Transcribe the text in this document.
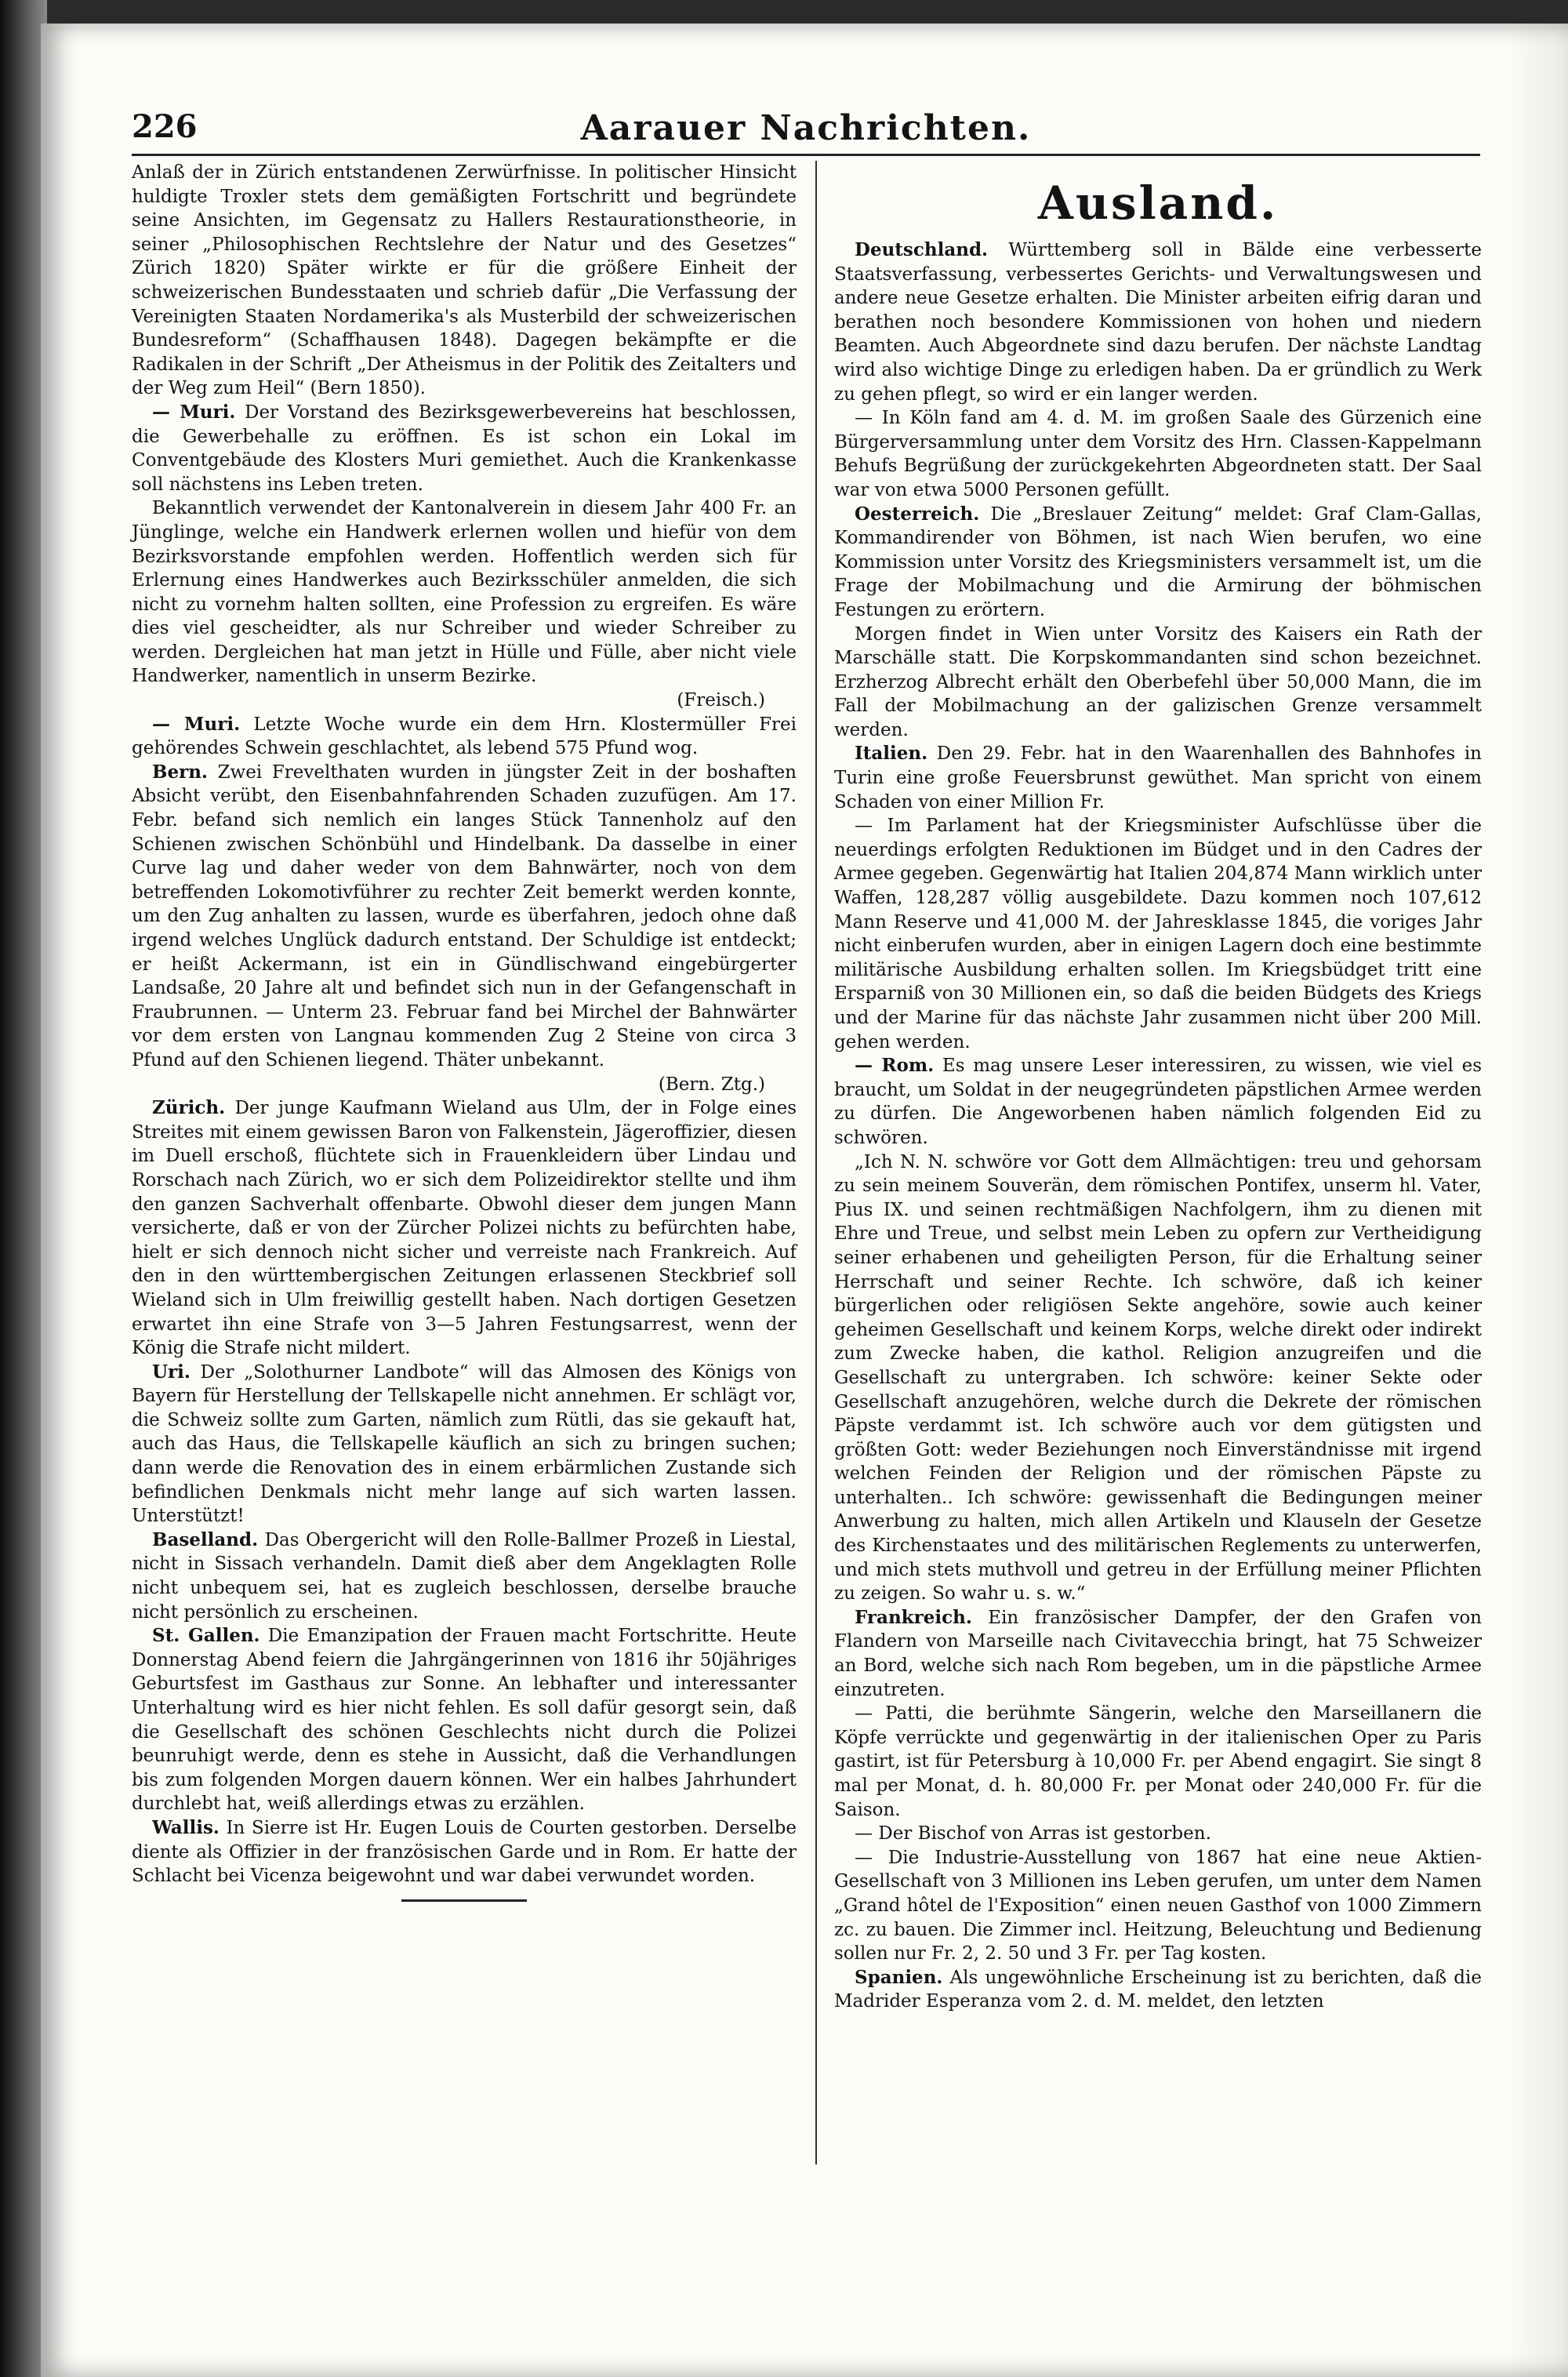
Aarauer Nachrichten.
226

Anlaß der in Zürich entstandenen Zerwürfnisse. In politischer Hinsicht huldigte Troxler stets dem gemäßigten Fortschritt und begründete seine Ansichten, im Gegensatz zu Hallers Restaurationstheorie, in seiner „Philosophischen Rechtslehre der Natur und des Gesetzes“ Zürich 1820) Später wirkte er für die größere Einheit der schweizerischen Bundesstaaten und schrieb dafür „Die Verfassung der Vereinigten Staaten Nordamerika's als Musterbild der schweizerischen Bundesreform“ (Schaffhausen 1848). Dagegen bekämpfte er die Radikalen in der Schrift „Der Atheismus in der Politik des Zeitalters und der Weg zum Heil“ (Bern 1850).

— Muri. Der Vorstand des Bezirksgewerbevereins hat beschlossen, die Gewerbehalle zu eröffnen. Es ist schon ein Lokal im Conventgebäude des Klosters Muri gemiethet. Auch die Krankenkasse soll nächstens ins Leben treten.

Bekanntlich verwendet der Kantonalverein in diesem Jahr 400 Fr. an Jünglinge, welche ein Handwerk erlernen wollen und hiefür von dem Bezirksvorstande empfohlen werden. Hoffentlich werden sich für Erlernung eines Handwerkes auch Bezirksschüler anmelden, die sich nicht zu vornehm halten sollten, eine Profession zu ergreifen. Es wäre dies viel gescheidter, als nur Schreiber und wieder Schreiber zu werden. Dergleichen hat man jetzt in Hülle und Fülle, aber nicht viele Handwerker, namentlich in unserm Bezirke.
(Freisch.)

— Muri. Letzte Woche wurde ein dem Hrn. Klostermüller Frei gehörendes Schwein geschlachtet, als lebend 575 Pfund wog.

Bern. Zwei Frevelthaten wurden in jüngster Zeit in der boshaften Absicht verübt, den Eisenbahnfahrenden Schaden zuzufügen. Am 17. Febr. befand sich nemlich ein langes Stück Tannenholz auf den Schienen zwischen Schönbühl und Hindelbank. Da dasselbe in einer Curve lag und daher weder von dem Bahnwärter, noch von dem betreffenden Lokomotivführer zu rechter Zeit bemerkt werden konnte, um den Zug anhalten zu lassen, wurde es überfahren, jedoch ohne daß irgend welches Unglück dadurch entstand. Der Schuldige ist entdeckt; er heißt Ackermann, ist ein in Gündlischwand eingebürgerter Landsaße, 20 Jahre alt und befindet sich nun in der Gefangenschaft in Fraubrunnen. — Unterm 23. Februar fand bei Mirchel der Bahnwärter vor dem ersten von Langnau kommenden Zug 2 Steine von circa 3 Pfund auf den Schienen liegend. Thäter unbekannt.
(Bern. Ztg.)

Zürich. Der junge Kaufmann Wieland aus Ulm, der in Folge eines Streites mit einem gewissen Baron von Falkenstein, Jägeroffizier, diesen im Duell erschoß, flüchtete sich in Frauenkleidern über Lindau und Rorschach nach Zürich, wo er sich dem Polizeidirektor stellte und ihm den ganzen Sachverhalt offenbarte. Obwohl dieser dem jungen Mann versicherte, daß er von der Zürcher Polizei nichts zu befürchten habe, hielt er sich dennoch nicht sicher und verreiste nach Frankreich. Auf den in den württembergischen Zeitungen erlassenen Steckbrief soll Wieland sich in Ulm freiwillig gestellt haben. Nach dortigen Gesetzen erwartet ihn eine Strafe von 3—5 Jahren Festungsarrest, wenn der König die Strafe nicht mildert.

Uri. Der „Solothurner Landbote“ will das Almosen des Königs von Bayern für Herstellung der Tellskapelle nicht annehmen. Er schlägt vor, die Schweiz sollte zum Garten, nämlich zum Rütli, das sie gekauft hat, auch das Haus, die Tellskapelle käuflich an sich zu bringen suchen; dann werde die Renovation des in einem erbärmlichen Zustande sich befindlichen Denkmals nicht mehr lange auf sich warten lassen. Unterstützt!

Baselland. Das Obergericht will den Rolle-Ballmer Prozeß in Liestal, nicht in Sissach verhandeln. Damit dieß aber dem Angeklagten Rolle nicht unbequem sei, hat es zugleich beschlossen, derselbe brauche nicht persönlich zu erscheinen.

St. Gallen. Die Emanzipation der Frauen macht Fortschritte. Heute Donnerstag Abend feiern die Jahrgängerinnen von 1816 ihr 50jähriges Geburtsfest im Gasthaus zur Sonne. An lebhafter und interessanter Unterhaltung wird es hier nicht fehlen. Es soll dafür gesorgt sein, daß die Gesellschaft des schönen Geschlechts nicht durch die Polizei beunruhigt werde, denn es stehe in Aussicht, daß die Verhandlungen bis zum folgenden Morgen dauern können. Wer ein halbes Jahrhundert durchlebt hat, weiß allerdings etwas zu erzählen.

Wallis. In Sierre ist Hr. Eugen Louis de Courten gestorben. Derselbe diente als Offizier in der französischen Garde und in Rom. Er hatte der Schlacht bei Vicenza beigewohnt und war dabei verwundet worden.

Ausland.

Deutschland. Württemberg soll in Bälde eine verbesserte Staatsverfassung, verbessertes Gerichts- und Verwaltungswesen und andere neue Gesetze erhalten. Die Minister arbeiten eifrig daran und berathen noch besondere Kommissionen von hohen und niedern Beamten. Auch Abgeordnete sind dazu berufen. Der nächste Landtag wird also wichtige Dinge zu erledigen haben. Da er gründlich zu Werk zu gehen pflegt, so wird er ein langer werden.

— In Köln fand am 4. d. M. im großen Saale des Gürzenich eine Bürgerversammlung unter dem Vorsitz des Hrn. Classen-Kappelmann Behufs Begrüßung der zurückgekehrten Abgeordneten statt. Der Saal war von etwa 5000 Personen gefüllt.

Oesterreich. Die „Breslauer Zeitung“ meldet: Graf Clam-Gallas, Kommandirender von Böhmen, ist nach Wien berufen, wo eine Kommission unter Vorsitz des Kriegsministers versammelt ist, um die Frage der Mobilmachung und die Armirung der böhmischen Festungen zu erörtern.

Morgen findet in Wien unter Vorsitz des Kaisers ein Rath der Marschälle statt. Die Korpskommandanten sind schon bezeichnet. Erzherzog Albrecht erhält den Oberbefehl über 50,000 Mann, die im Fall der Mobilmachung an der galizischen Grenze versammelt werden.

Italien. Den 29. Febr. hat in den Waarenhallen des Bahnhofes in Turin eine große Feuersbrunst gewüthet. Man spricht von einem Schaden von einer Million Fr.

— Im Parlament hat der Kriegsminister Aufschlüsse über die neuerdings erfolgten Reduktionen im Büdget und in den Cadres der Armee gegeben. Gegenwärtig hat Italien 204,874 Mann wirklich unter Waffen, 128,287 völlig ausgebildete. Dazu kommen noch 107,612 Mann Reserve und 41,000 M. der Jahresklasse 1845, die voriges Jahr nicht einberufen wurden, aber in einigen Lagern doch eine bestimmte militärische Ausbildung erhalten sollen. Im Kriegsbüdget tritt eine Ersparniß von 30 Millionen ein, so daß die beiden Büdgets des Kriegs und der Marine für das nächste Jahr zusammen nicht über 200 Mill. gehen werden.

— Rom. Es mag unsere Leser interessiren, zu wissen, wie viel es braucht, um Soldat in der neugegründeten päpstlichen Armee werden zu dürfen. Die Angeworbenen haben nämlich folgenden Eid zu schwören.

„Ich N. N. schwöre vor Gott dem Allmächtigen: treu und gehorsam zu sein meinem Souverän, dem römischen Pontifex, unserm hl. Vater, Pius IX. und seinen rechtmäßigen Nachfolgern, ihm zu dienen mit Ehre und Treue, und selbst mein Leben zu opfern zur Vertheidigung seiner erhabenen und geheiligten Person, für die Erhaltung seiner Herrschaft und seiner Rechte. Ich schwöre, daß ich keiner bürgerlichen oder religiösen Sekte angehöre, sowie auch keiner geheimen Gesellschaft und keinem Korps, welche direkt oder indirekt zum Zwecke haben, die kathol. Religion anzugreifen und die Gesellschaft zu untergraben. Ich schwöre: keiner Sekte oder Gesellschaft anzugehören, welche durch die Dekrete der römischen Päpste verdammt ist. Ich schwöre auch vor dem gütigsten und größten Gott: weder Beziehungen noch Einverständnisse mit irgend welchen Feinden der Religion und der römischen Päpste zu unterhalten.. Ich schwöre: gewissenhaft die Bedingungen meiner Anwerbung zu halten, mich allen Artikeln und Klauseln der Gesetze des Kirchenstaates und des militärischen Reglements zu unterwerfen, und mich stets muthvoll und getreu in der Erfüllung meiner Pflichten zu zeigen. So wahr u. s. w.“

Frankreich. Ein französischer Dampfer, der den Grafen von Flandern von Marseille nach Civitavecchia bringt, hat 75 Schweizer an Bord, welche sich nach Rom begeben, um in die päpstliche Armee einzutreten.

— Patti, die berühmte Sängerin, welche den Marseillanern die Köpfe verrückte und gegenwärtig in der italienischen Oper zu Paris gastirt, ist für Petersburg à 10,000 Fr. per Abend engagirt. Sie singt 8 mal per Monat, d. h. 80,000 Fr. per Monat oder 240,000 Fr. für die Saison.

— Der Bischof von Arras ist gestorben.

— Die Industrie-Ausstellung von 1867 hat eine neue Aktien-Gesellschaft von 3 Millionen ins Leben gerufen, um unter dem Namen „Grand hôtel de l'Exposition“ einen neuen Gasthof von 1000 Zimmern zc. zu bauen. Die Zimmer incl. Heitzung, Beleuchtung und Bedienung sollen nur Fr. 2, 2. 50 und 3 Fr. per Tag kosten.

Spanien. Als ungewöhnliche Erscheinung ist zu berichten, daß die Madrider Esperanza vom 2. d. M. meldet, den letzten
